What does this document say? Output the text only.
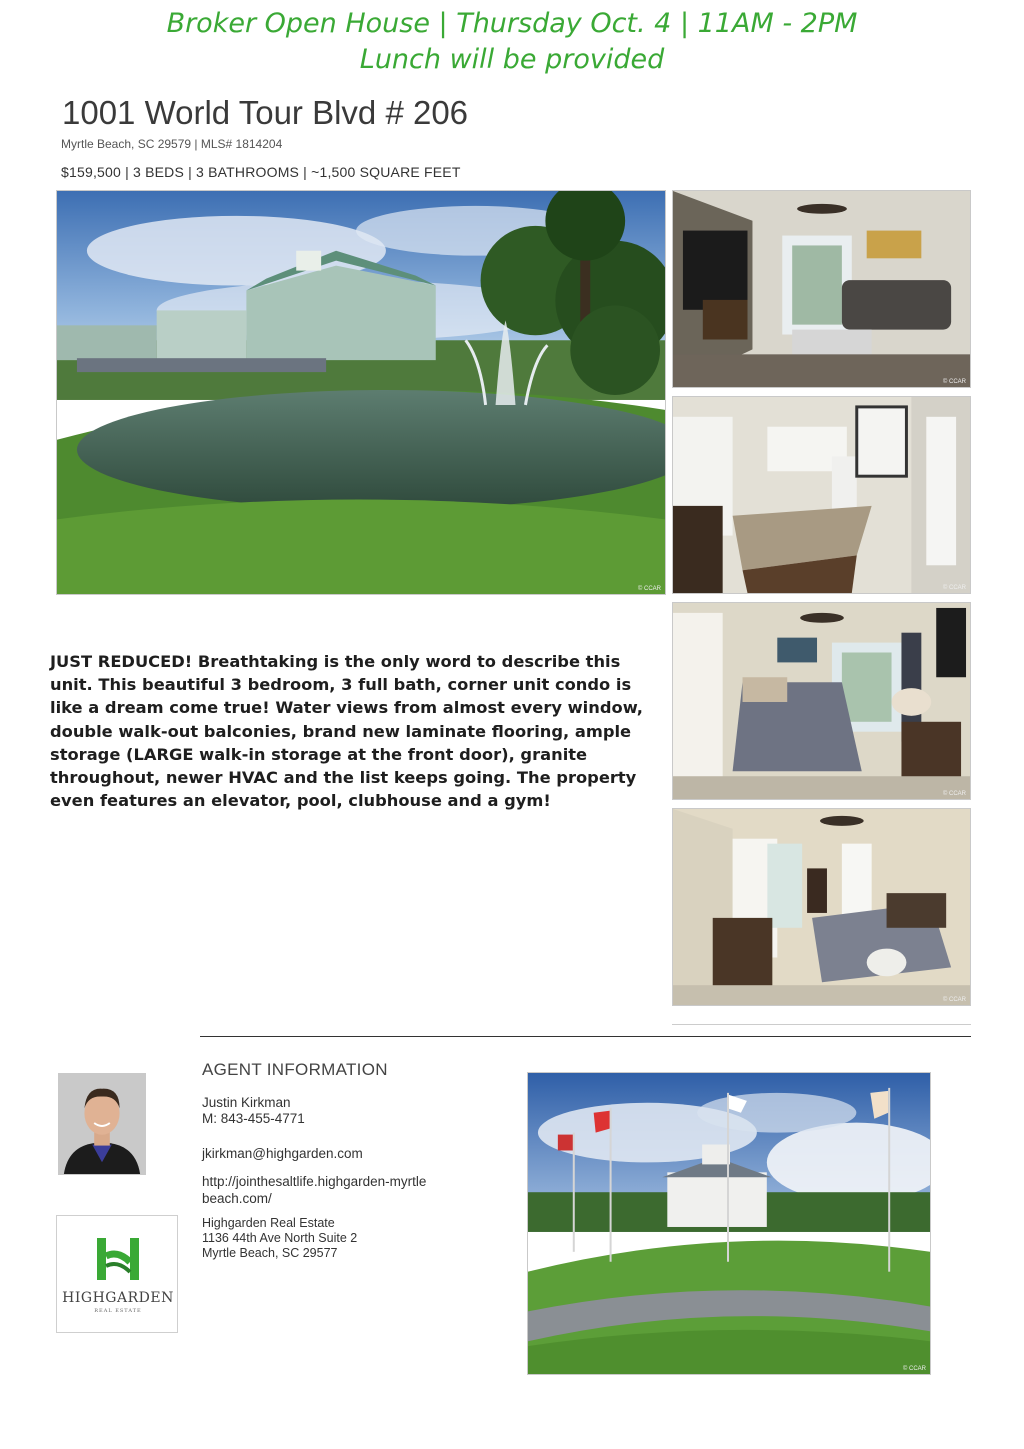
Broker Open House | Thursday Oct. 4 | 11AM - 2PM
Lunch will be provided
1001 World Tour Blvd # 206
Myrtle Beach, SC 29579 | MLS# 1814204
$159,500 | 3 BEDS | 3 BATHROOMS | ~1,500 SQUARE FEET
© CCAR
© CCAR
© CCAR
© CCAR
© CCAR
JUST REDUCED! Breathtaking is the only word to describe this unit. This beautiful 3 bedroom, 3 full bath, corner unit condo is like a dream come true! Water views from almost every window, double walk-out balconies, brand new laminate flooring, ample storage (LARGE walk-in storage at the front door), granite throughout, newer HVAC and the list keeps going. The property even features an elevator, pool, clubhouse and a gym!
HIGHGARDEN
REAL ESTATE
AGENT INFORMATION
Justin Kirkman
M: 843-455-4771
jkirkman@highgarden.com
http://jointhesaltlife.highgarden-myrtlebeach.com/
Highgarden Real Estate
1136 44th Ave North Suite 2
Myrtle Beach, SC 29577
© CCAR
